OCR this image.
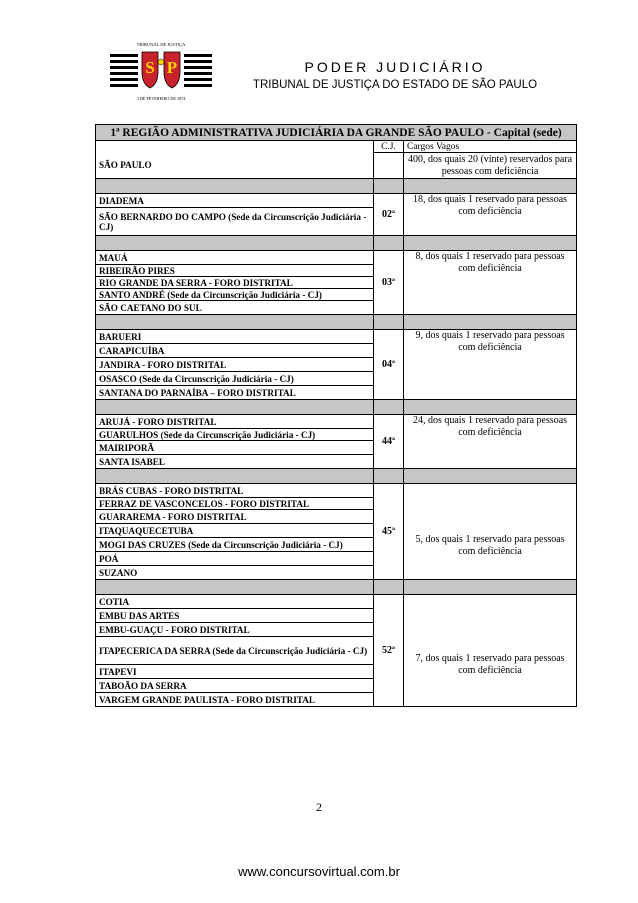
TRIBUNAL DE JUSTIÇA
S P
3 DE FEVEREIRO DE 1874
PODER JUDICIÁRIO
TRIBUNAL DE JUSTIÇA DO ESTADO DE SÃO PAULO
1ª REGIÃO ADMINISTRATIVA JUDICIÁRIA DA GRANDE SÃO PAULO - Capital (sede)		
	C.J.	Cargos Vagos
SÃO PAULO		400, dos quais 20 (vinte) reservados para pessoas com deficiência

DIADEMA	02ª	18, dos quais 1 reservado para pessoas com deficiência
SÃO BERNARDO DO CAMPO (Sede da Circunscrição Judiciária - CJ)		

MAUÁ	03ª	8, dos quais 1 reservado para pessoas com deficiência
RIBEIRÃO PIRES		
RIO GRANDE DA SERRA - FORO DISTRITAL		
SANTO ANDRÉ (Sede da Circunscrição Judiciária - CJ)		
SÃO CAETANO DO SUL		

BARUERI	04ª	9, dos quais 1 reservado para pessoas com deficiência
CARAPICUÍBA		
JANDIRA - FORO DISTRITAL		
OSASCO (Sede da Circunscrição Judiciária - CJ)		
SANTANA DO PARNAÍBA – FORO DISTRITAL		

ARUJÁ - FORO DISTRITAL	44ª	24, dos quais 1 reservado para pessoas com deficiência
GUARULHOS (Sede da Circunscrição Judiciária - CJ)		
MAIRIPORÃ		
SANTA ISABEL		

BRÁS CUBAS - FORO DISTRITAL	45ª	5, dos quais 1 reservado para pessoas com deficiência
FERRAZ DE VASCONCELOS - FORO DISTRITAL		
GUARAREMA - FORO DISTRITAL		
ITAQUAQUECETUBA		
MOGI DAS CRUZES (Sede da Circunscrição Judiciária - CJ)		
POÁ		
SUZANO		

COTIA	52ª	7, dos quais 1 reservado para pessoas com deficiência
EMBU DAS ARTES		
EMBU-GUAÇU - FORO DISTRITAL		
ITAPECERICA DA SERRA (Sede da Circunscrição Judiciária - CJ)		
ITAPEVI		
TABOÃO DA SERRA		
VARGEM GRANDE PAULISTA - FORO DISTRITAL		
2
www.concursovirtual.com.br
